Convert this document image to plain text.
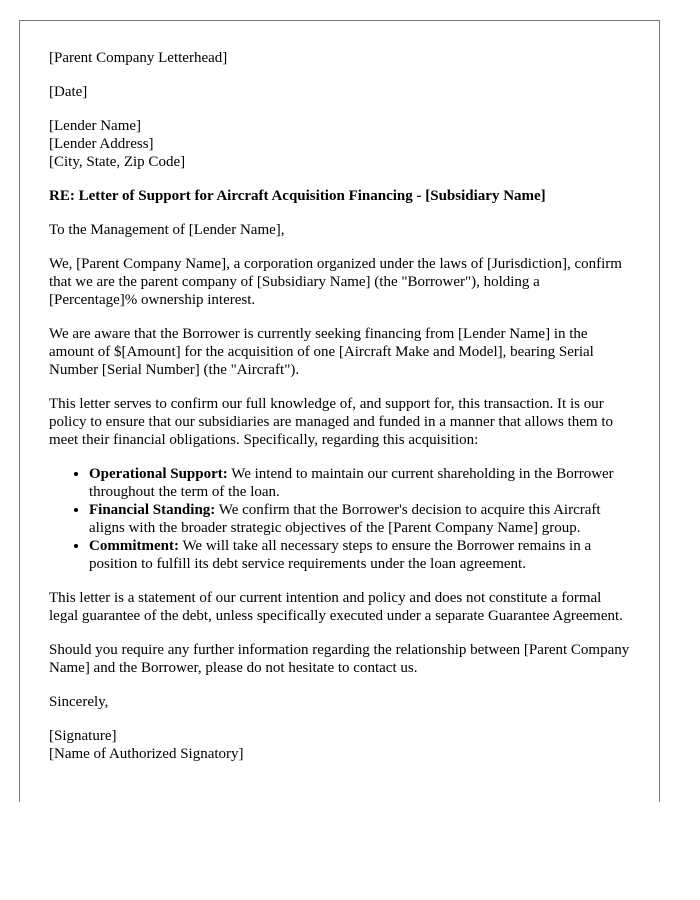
[Parent Company Letterhead]

[Date]

[Lender Name]
[Lender Address]
[City, State, Zip Code]

RE: Letter of Support for Aircraft Acquisition Financing - [Subsidiary Name]

To the Management of [Lender Name],

We, [Parent Company Name], a corporation organized under the laws of [Jurisdiction], confirm that we are the parent company of [Subsidiary Name] (the "Borrower"), holding a [Percentage]% ownership interest.

We are aware that the Borrower is currently seeking financing from [Lender Name] in the amount of $[Amount] for the acquisition of one [Aircraft Make and Model], bearing Serial Number [Serial Number] (the "Aircraft").

This letter serves to confirm our full knowledge of, and support for, this transaction. It is our policy to ensure that our subsidiaries are managed and funded in a manner that allows them to meet their financial obligations. Specifically, regarding this acquisition:

• Operational Support: We intend to maintain our current shareholding in the Borrower throughout the term of the loan.
• Financial Standing: We confirm that the Borrower's decision to acquire this Aircraft aligns with the broader strategic objectives of the [Parent Company Name] group.
• Commitment: We will take all necessary steps to ensure the Borrower remains in a position to fulfill its debt service requirements under the loan agreement.

This letter is a statement of our current intention and policy and does not constitute a formal legal guarantee of the debt, unless specifically executed under a separate Guarantee Agreement.

Should you require any further information regarding the relationship between [Parent Company Name] and the Borrower, please do not hesitate to contact us.

Sincerely,

[Signature]

[Name of Authorized Signatory]
